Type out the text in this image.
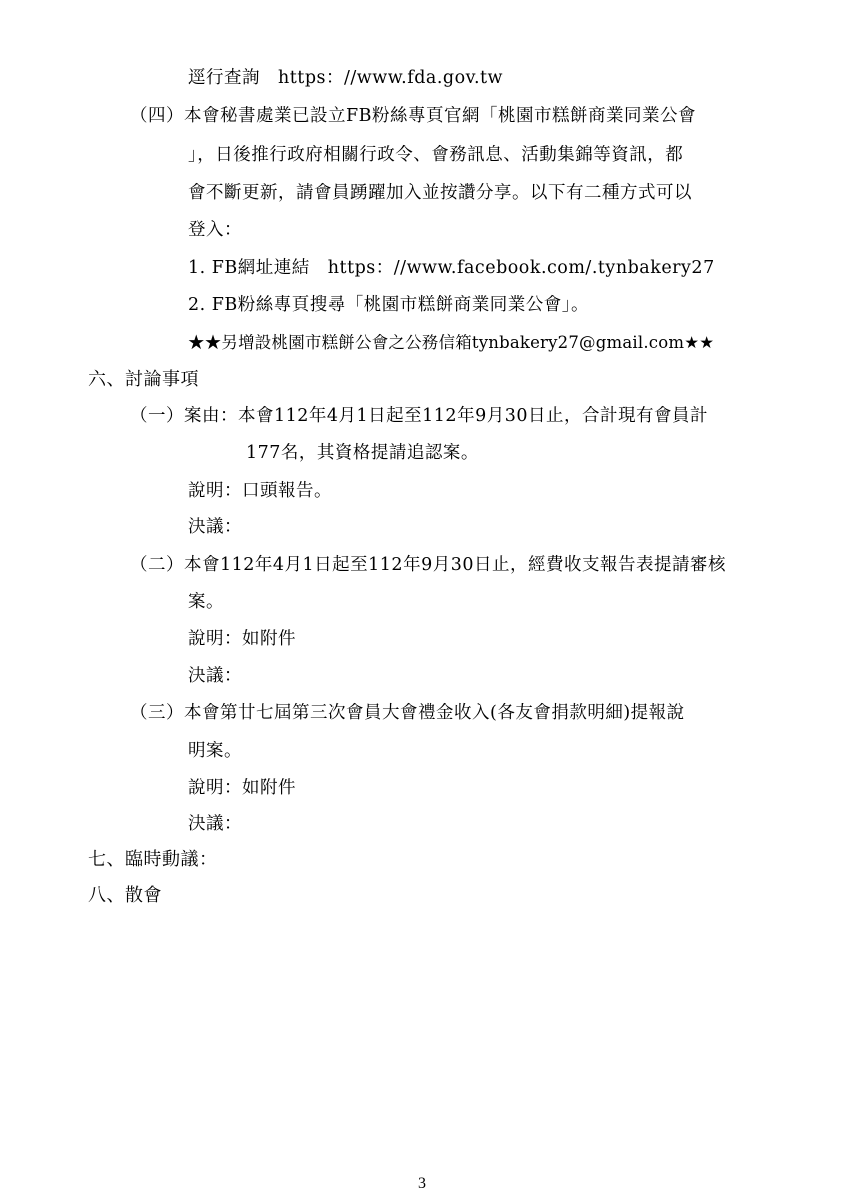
逕行查詢　https：//www.fda.gov.tw
（四）本會秘書處業已設立FB粉絲專頁官網「桃園市糕餅商業同業公會
」，日後推行政府相關行政令、會務訊息、活動集錦等資訊，都
會不斷更新，請會員踴躍加入並按讚分享。以下有二種方式可以
登入：
1. FB網址連結　https：//www.facebook.com/.tynbakery27
2. FB粉絲專頁搜尋「桃園市糕餅商業同業公會」。
★★另增設桃園市糕餅公會之公務信箱tynbakery27@gmail.com★★
六、討論事項
（一）案由：本會112年4月1日起至112年9月30日止，合計現有會員計
177名，其資格提請追認案。
說明：口頭報告。
決議：
（二）本會112年4月1日起至112年9月30日止，經費收支報告表提請審核
案。
說明：如附件
決議：
（三）本會第廿七屆第三次會員大會禮金收入(各友會捐款明細)提報說
明案。
說明：如附件
決議：
七、臨時動議：
八、散會
3
